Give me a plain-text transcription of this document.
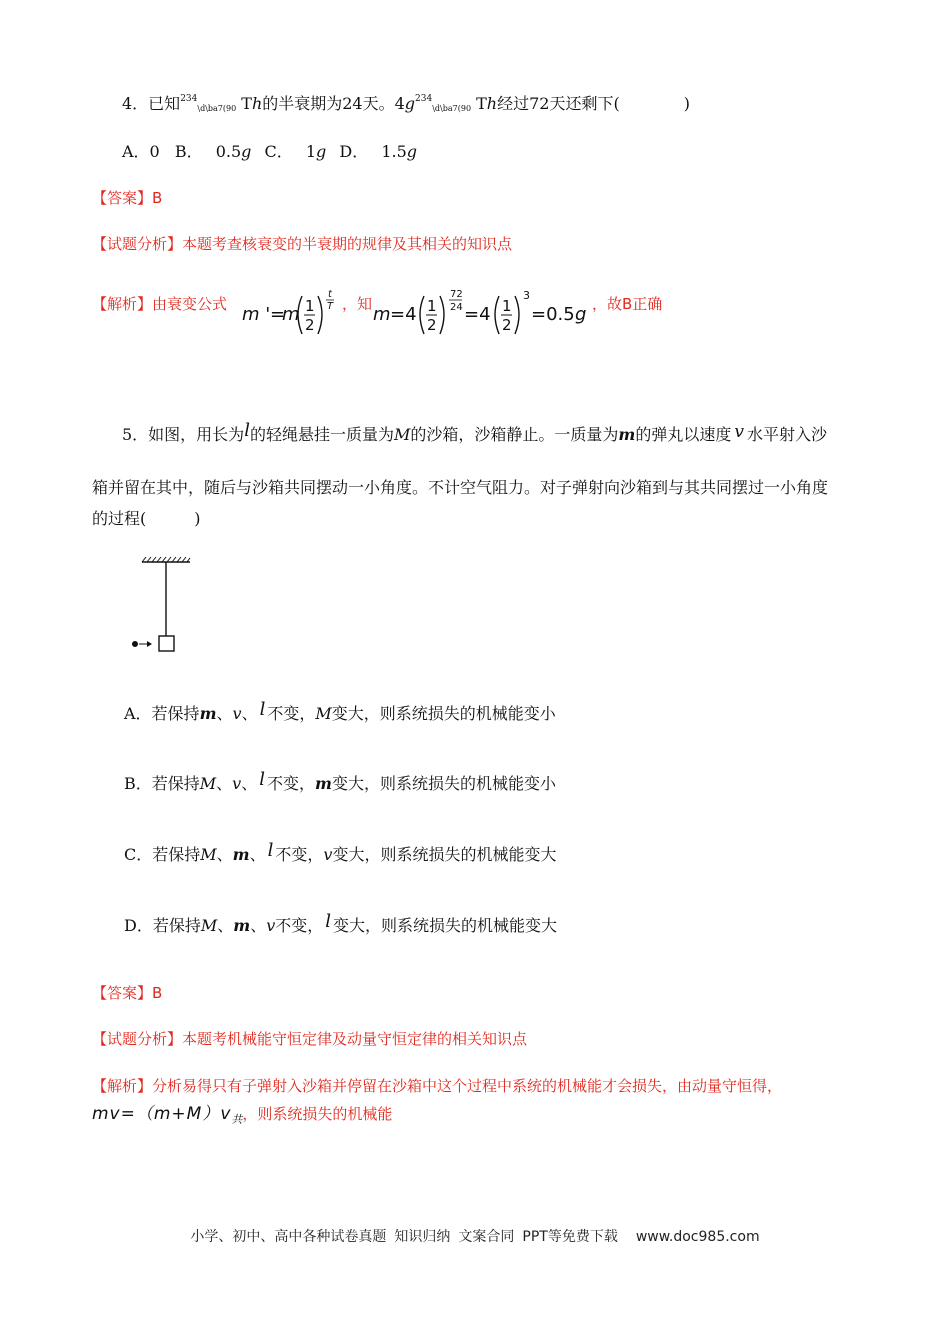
4．已知$^{234}$\d\ba7(90 Th的半衰期为24天。$4g^{234}\backslash d\backslash ba7(90$ Th经过72天还剩下(　　　　)
A．0 B． 0.5g C． 1g D． 1.5g
【答案】B
【试题分析】本题考查核衰变的半衰期的规律及其相关的知识点
【解析】由衰变公式 m ' =
m 1
2
t
T m =4 1
2
72
24 =4 1
2
3
=0.5 g
，知	，故B正确
5．如图，用长为l的轻绳悬挂一质量为M的沙箱，沙箱静止。一质量为m的弹丸以速度 v 水平射入沙
箱并留在其中，随后与沙箱共同摆动一小角度。不计空气阻力。对子弹射向沙箱到与其共同摆过一小角度
的过程(　　　)
A．若保持m、v、 l 不变，M变大，则系统损失的机械能变小
B．若保持M、v、 l 不变，m变大，则系统损失的机械能变小
C．若保持M、m、 l 不变，v变大，则系统损失的机械能变大
D．若保持M、m、v不变， l 变大，则系统损失的机械能变大
【答案】B
【试题分析】本题考机械能守恒定律及动量守恒定律的相关知识点
【解析】分析易得只有子弹射入沙箱并停留在沙箱中这个过程中系统的机械能才会损失，由动量守恒得，
$mv=(m+M)v_共$，则系统损失的机械能
小学、初中、高中各种试卷真题 知识归纳 文案合同 PPT等免费下载 www.doc985.com
